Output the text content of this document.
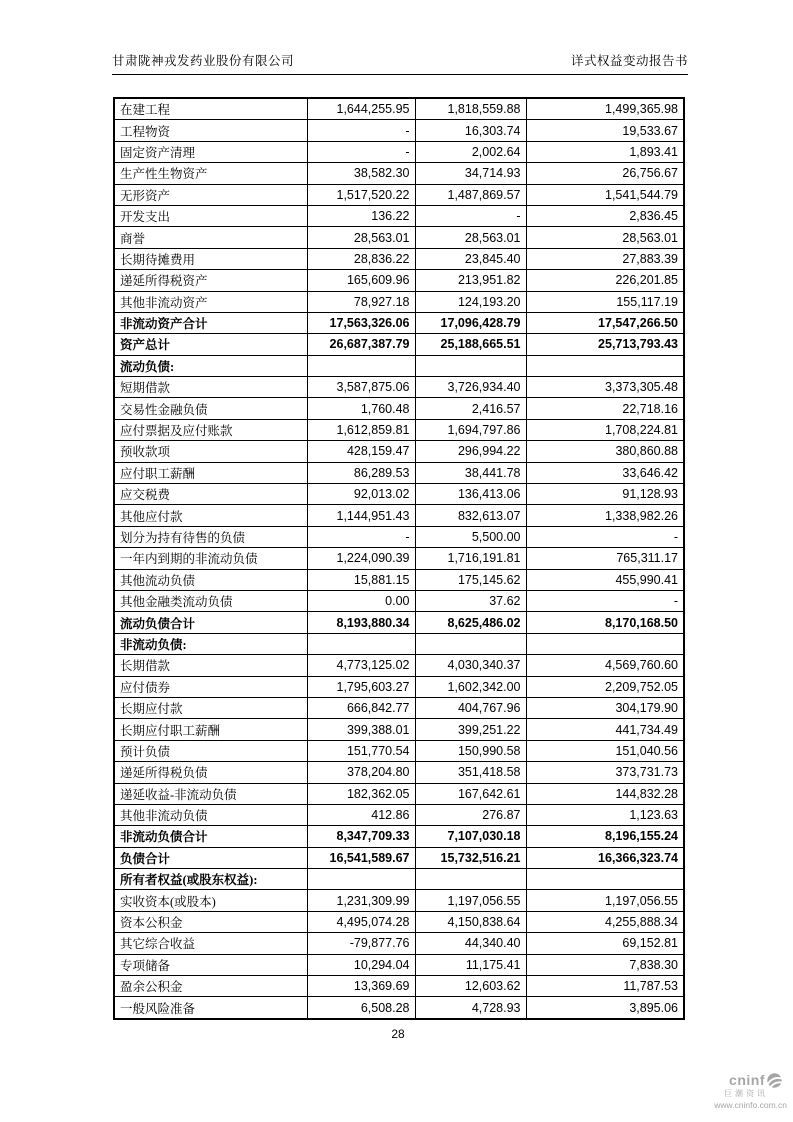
甘肃陇神戎发药业股份有限公司	详式权益变动报告书
在建工程	1,644,255.95	1,818,559.88	1,499,365.98
工程物资	-	16,303.74	19,533.67
固定资产清理	-	2,002.64	1,893.41
生产性生物资产	38,582.30	34,714.93	26,756.67
无形资产	1,517,520.22	1,487,869.57	1,541,544.79
开发支出	136.22	-	2,836.45
商誉	28,563.01	28,563.01	28,563.01
长期待摊费用	28,836.22	23,845.40	27,883.39
递延所得税资产	165,609.96	213,951.82	226,201.85
其他非流动资产	78,927.18	124,193.20	155,117.19
非流动资产合计	17,563,326.06	17,096,428.79	17,547,266.50
资产总计	26,687,387.79	25,188,665.51	25,713,793.43
流动负债:			
短期借款	3,587,875.06	3,726,934.40	3,373,305.48
交易性金融负债	1,760.48	2,416.57	22,718.16
应付票据及应付账款	1,612,859.81	1,694,797.86	1,708,224.81
预收款项	428,159.47	296,994.22	380,860.88
应付职工薪酬	86,289.53	38,441.78	33,646.42
应交税费	92,013.02	136,413.06	91,128.93
其他应付款	1,144,951.43	832,613.07	1,338,982.26
划分为持有待售的负债	-	5,500.00	-
一年内到期的非流动负债	1,224,090.39	1,716,191.81	765,311.17
其他流动负债	15,881.15	175,145.62	455,990.41
其他金融类流动负债	0.00	37.62	-
流动负债合计	8,193,880.34	8,625,486.02	8,170,168.50
非流动负债:			
长期借款	4,773,125.02	4,030,340.37	4,569,760.60
应付债券	1,795,603.27	1,602,342.00	2,209,752.05
长期应付款	666,842.77	404,767.96	304,179.90
长期应付职工薪酬	399,388.01	399,251.22	441,734.49
预计负债	151,770.54	150,990.58	151,040.56
递延所得税负债	378,204.80	351,418.58	373,731.73
递延收益-非流动负债	182,362.05	167,642.61	144,832.28
其他非流动负债	412.86	276.87	1,123.63
非流动负债合计	8,347,709.33	7,107,030.18	8,196,155.24
负债合计	16,541,589.67	15,732,516.21	16,366,323.74
所有者权益(或股东权益):			
实收资本(或股本)	1,231,309.99	1,197,056.55	1,197,056.55
资本公积金	4,495,074.28	4,150,838.64	4,255,888.34
其它综合收益	-79,877.76	44,340.40	69,152.81
专项储备	10,294.04	11,175.41	7,838.30
盈余公积金	13,369.69	12,603.62	11,787.53
一般风险准备	6,508.28	4,728.93	3,895.06
28
cninf
巨潮资讯
www.cninfo.com.cn
